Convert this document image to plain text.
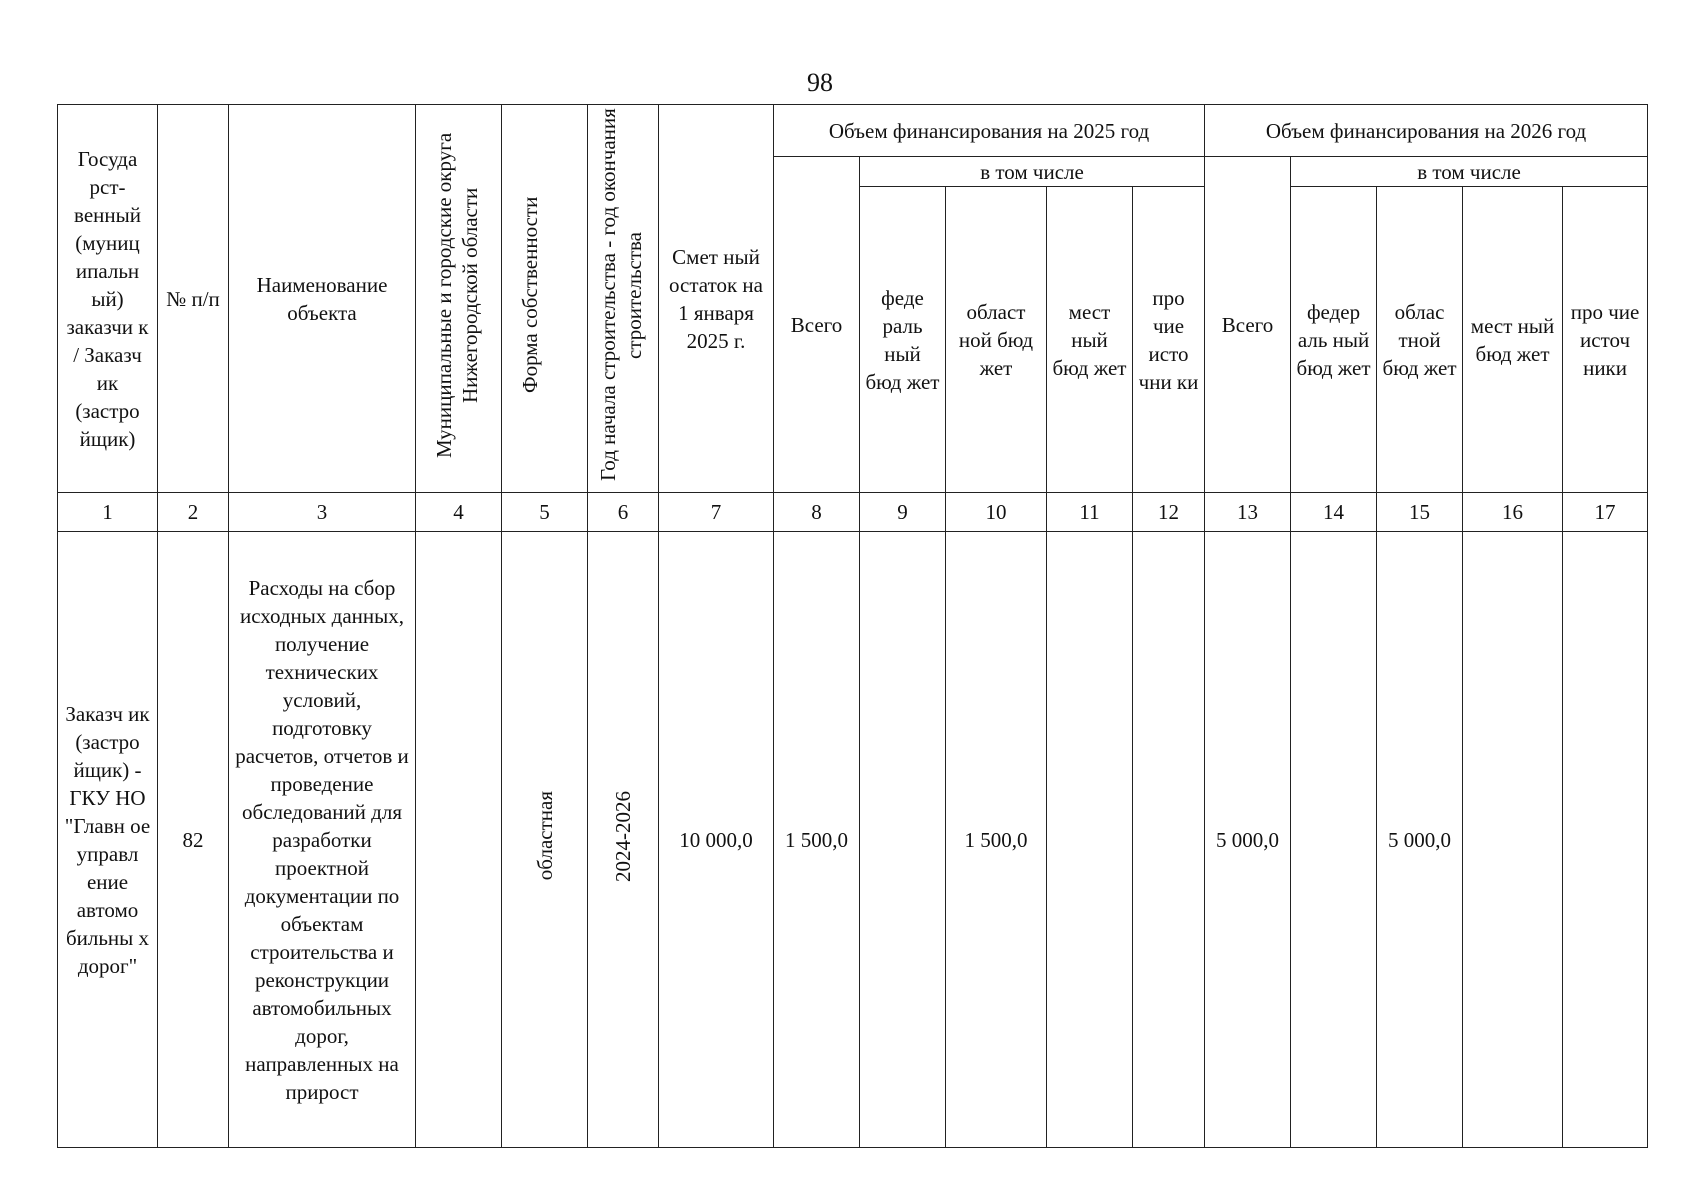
98
Госуда рст- венный (муниц ипальн ый) заказчи к / Заказч ик (застро йщик)	№ п/п	Наименование объекта	Муниципальные и городские округа Нижегородской области	Форма собственности	Год начала строительства - год окончания строительства	Смет ный остаток на 1 января 2025 г.	Объем финансирования на 2025 год					Объем финансирования на 2026 год				
							Всего	в том числе				Всего	в том числе			
								феде раль ный бюд жет	област ной бюд жет	мест ный бюд жет	про чие исто чни ки		федер аль ный бюд жет	облас тной бюд жет	мест ный бюд жет	про чие источ ники
1	2	3	4	5	6	7	8	9	10	11	12	13	14	15	16	17
Заказч ик (застро йщик) - ГКУ НО "Главн ое управл ение автомо бильны х дорог"	82	Расходы на сбор исходных данных, получение технических условий, подготовку расчетов, отчетов и проведение обследований для разработки проектной документации по объектам строительства и реконструкции автомобильных дорог, направленных на прирост		областная	2024-2026	10 000,0	1 500,0		1 500,0			5 000,0		5 000,0		
